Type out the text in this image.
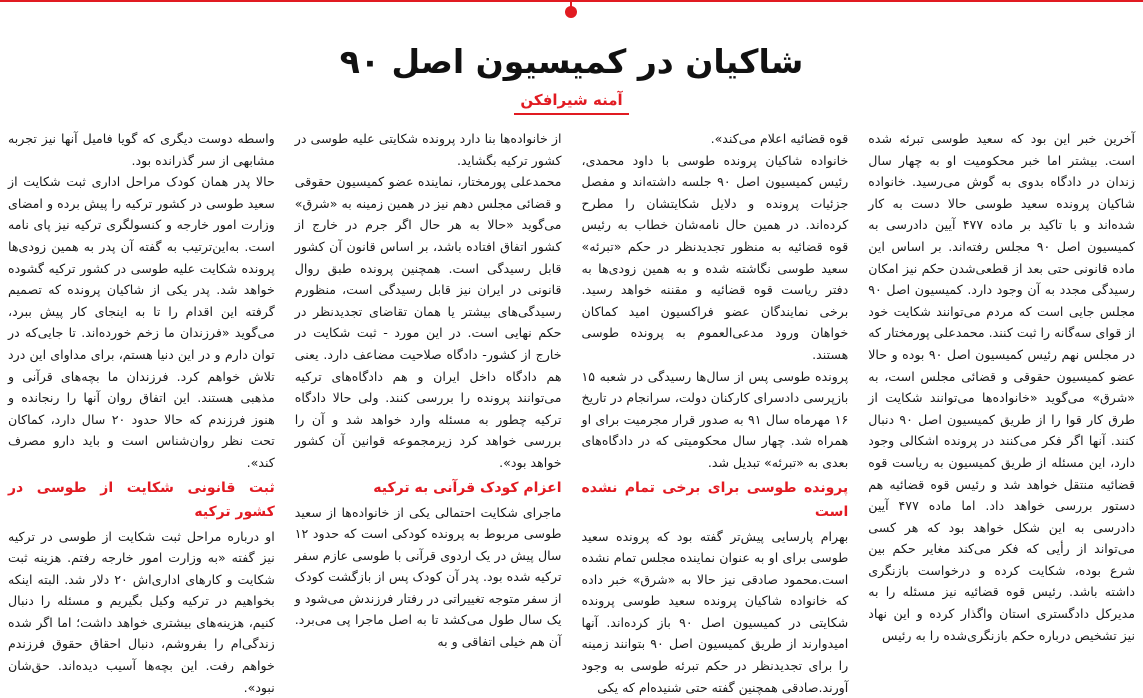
شاکیان در کمیسیون اصل ۹۰
آمنه شیرافکن

آخرین خبر این بود که سعید طوسی تبرئه شده است. بیشتر اما خبر محکومیت او به چهار سال زندان در دادگاه بدوی به گوش می‌رسید. خانواده شاکیان پرونده سعید طوسی حالا دست به کار شده‌اند و با تاکید بر ماده ۴۷۷ آیین دادرسی به کمیسیون اصل ۹۰ مجلس رفته‌اند. بر اساس این ماده قانونی حتی بعد از قطعی‌شدن حکم نیز امکان رسیدگی مجدد به آن وجود دارد. کمیسیون اصل ۹۰ مجلس جایی است که مردم می‌توانند شکایت خود از قوای سه‌گانه را ثبت کنند. محمدعلی پورمختار که در مجلس نهم رئیس کمیسیون اصل ۹۰ بوده و حالا عضو کمیسیون حقوقی و قضائی مجلس است، به «شرق» می‌گوید «خانواده‌ها می‌توانند شکایت از طرق کار قوا را از طریق کمیسیون اصل ۹۰ دنبال کنند. آنها اگر فکر می‌کنند در پرونده اشکالی وجود دارد، این مسئله از طریق کمیسیون به ریاست قوه قضائیه منتقل خواهد شد و رئیس قوه قضائیه هم دستور بررسی خواهد داد. اما ماده ۴۷۷ آیین دادرسی به این شکل خواهد بود که هر کسی می‌تواند از رأیی که فکر می‌کند مغایر حکم بین شرع بوده، شکایت کرده و درخواست بازنگری داشته باشد. رئیس قوه قضائیه نیز مسئله را به مدیرکل دادگستری استان واگذار کرده و این نهاد نیز تشخیص درباره حکم بازنگری‌شده را به رئیس

قوه قضائیه اعلام می‌کند».

خانواده شاکیان پرونده طوسی با داود محمدی، رئیس کمیسیون اصل ۹۰ جلسه داشته‌اند و مفصل جزئیات پرونده و دلایل شکایتشان را مطرح کرده‌اند. در همین حال نامه‌شان خطاب به رئیس قوه قضائیه به منظور تجدیدنظر در حکم «تبرئه» سعید طوسی نگاشته شده و به همین زودی‌ها به دفتر ریاست قوه قضائیه و مقننه خواهد رسید. برخی نمایندگان عضو فراکسیون امید کماکان خواهان ورود مدعی‌العموم به پرونده طوسی هستند.

پرونده طوسی پس از سال‌ها رسیدگی در شعبه ۱۵ بازپرسی دادسرای کارکنان دولت، سرانجام در تاریخ ۱۶ مهرماه سال ۹۱ به صدور قرار مجرمیت برای او همراه شد. چهار سال محکومیتی که در دادگاه‌های بعدی به «تبرئه» تبدیل شد.

پرونده طوسی برای برخی تمام نشده است

بهرام پارسایی پیش‌تر گفته بود که پرونده سعید طوسی برای او به عنوان نماینده مجلس تمام نشده است.محمود صادقی نیز حالا به «شرق» خبر داده که خانواده شاکیان پرونده سعید طوسی پرونده شکایتی در کمیسیون اصل ۹۰ باز کرده‌اند. آنها امیدوارند از طریق کمیسیون اصل ۹۰ بتوانند زمینه را برای تجدیدنظر در حکم تبرئه طوسی به وجود آورند.صادقی همچنین گفته حتی شنیده‌ام که یکی

از خانواده‌ها بنا دارد پرونده شکایتی علیه طوسی در کشور ترکیه بگشاید.

محمدعلی پورمختار، نماینده عضو کمیسیون حقوقی و قضائی مجلس دهم نیز در همین زمینه به «شرق» می‌گوید «حالا به هر حال اگر جرم در خارج از کشور اتفاق افتاده باشد، بر اساس قانون آن کشور قابل رسیدگی است. همچنین پرونده طبق روال قانونی در ایران نیز قابل رسیدگی است، منظورم رسیدگی‌های بیشتر یا همان تقاضای تجدیدنظر در حکم نهایی است. در این مورد - ثبت شکایت در خارج از کشور- دادگاه صلاحیت مضاعف دارد. یعنی هم دادگاه داخل ایران و هم دادگاه‌های ترکیه می‌توانند پرونده را بررسی کنند. ولی حالا دادگاه ترکیه چطور به مسئله وارد خواهد شد و آن را بررسی خواهد کرد زیرمجموعه قوانین آن کشور خواهد بود».

اعزام کودک قرآنی به ترکیه

ماجرای شکایت احتمالی یکی از خانواده‌ها از سعید طوسی مربوط به پرونده کودکی است که حدود ۱۲ سال پیش در یک اردوی قرآنی با طوسی عازم سفر ترکیه شده بود. پدر آن کودک پس از بازگشت کودک از سفر متوجه تغییراتی در رفتار فرزندش می‌شود و یک سال طول می‌کشد تا به اصل ماجرا پی می‌برد. آن هم خیلی اتفاقی و به

واسطه دوست دیگری که گویا فامیل آنها نیز تجربه مشابهی از سر گذرانده بود.

حالا پدر همان کودک مراحل اداری ثبت شکایت از سعید طوسی در کشور ترکیه را پیش برده و امضای وزارت امور خارجه و کنسولگری ترکیه نیز پای نامه است. به‌این‌ترتیب به گفته آن پدر به همین زودی‌ها پرونده شکایت علیه طوسی در کشور ترکیه گشوده خواهد شد. پدر یکی از شاکیان پرونده که تصمیم گرفته این اقدام را تا به اینجای کار پیش ببرد، می‌گوید «فرزندان ما زخم خورده‌اند. تا جایی‌که در توان دارم و در این دنیا هستم، برای مداوای این درد تلاش خواهم کرد. فرزندان ما بچه‌های قرآنی و مذهبی هستند. این اتفاق روان آنها را رنجانده و هنوز فرزندم که حالا حدود ۲۰ سال دارد، کماکان تحت نظر روان‌شناس است و باید دارو مصرف کند».

ثبت قانونی شکایت از طوسی در کشور ترکیه

او درباره مراحل ثبت شکایت از طوسی در ترکیه نیز گفته «به وزارت امور خارجه رفتم. هزینه ثبت شکایت و کارهای اداری‌اش ۲۰ دلار شد. البته اینکه بخواهیم در ترکیه وکیل بگیریم و مسئله را دنبال کنیم، هزینه‌های بیشتری خواهد داشت؛ اما اگر شده زندگی‌ام را بفروشم، دنبال احقاق حقوق فرزندم خواهم رفت. این بچه‌ها آسیب دیده‌اند. حق‌شان نبود».
